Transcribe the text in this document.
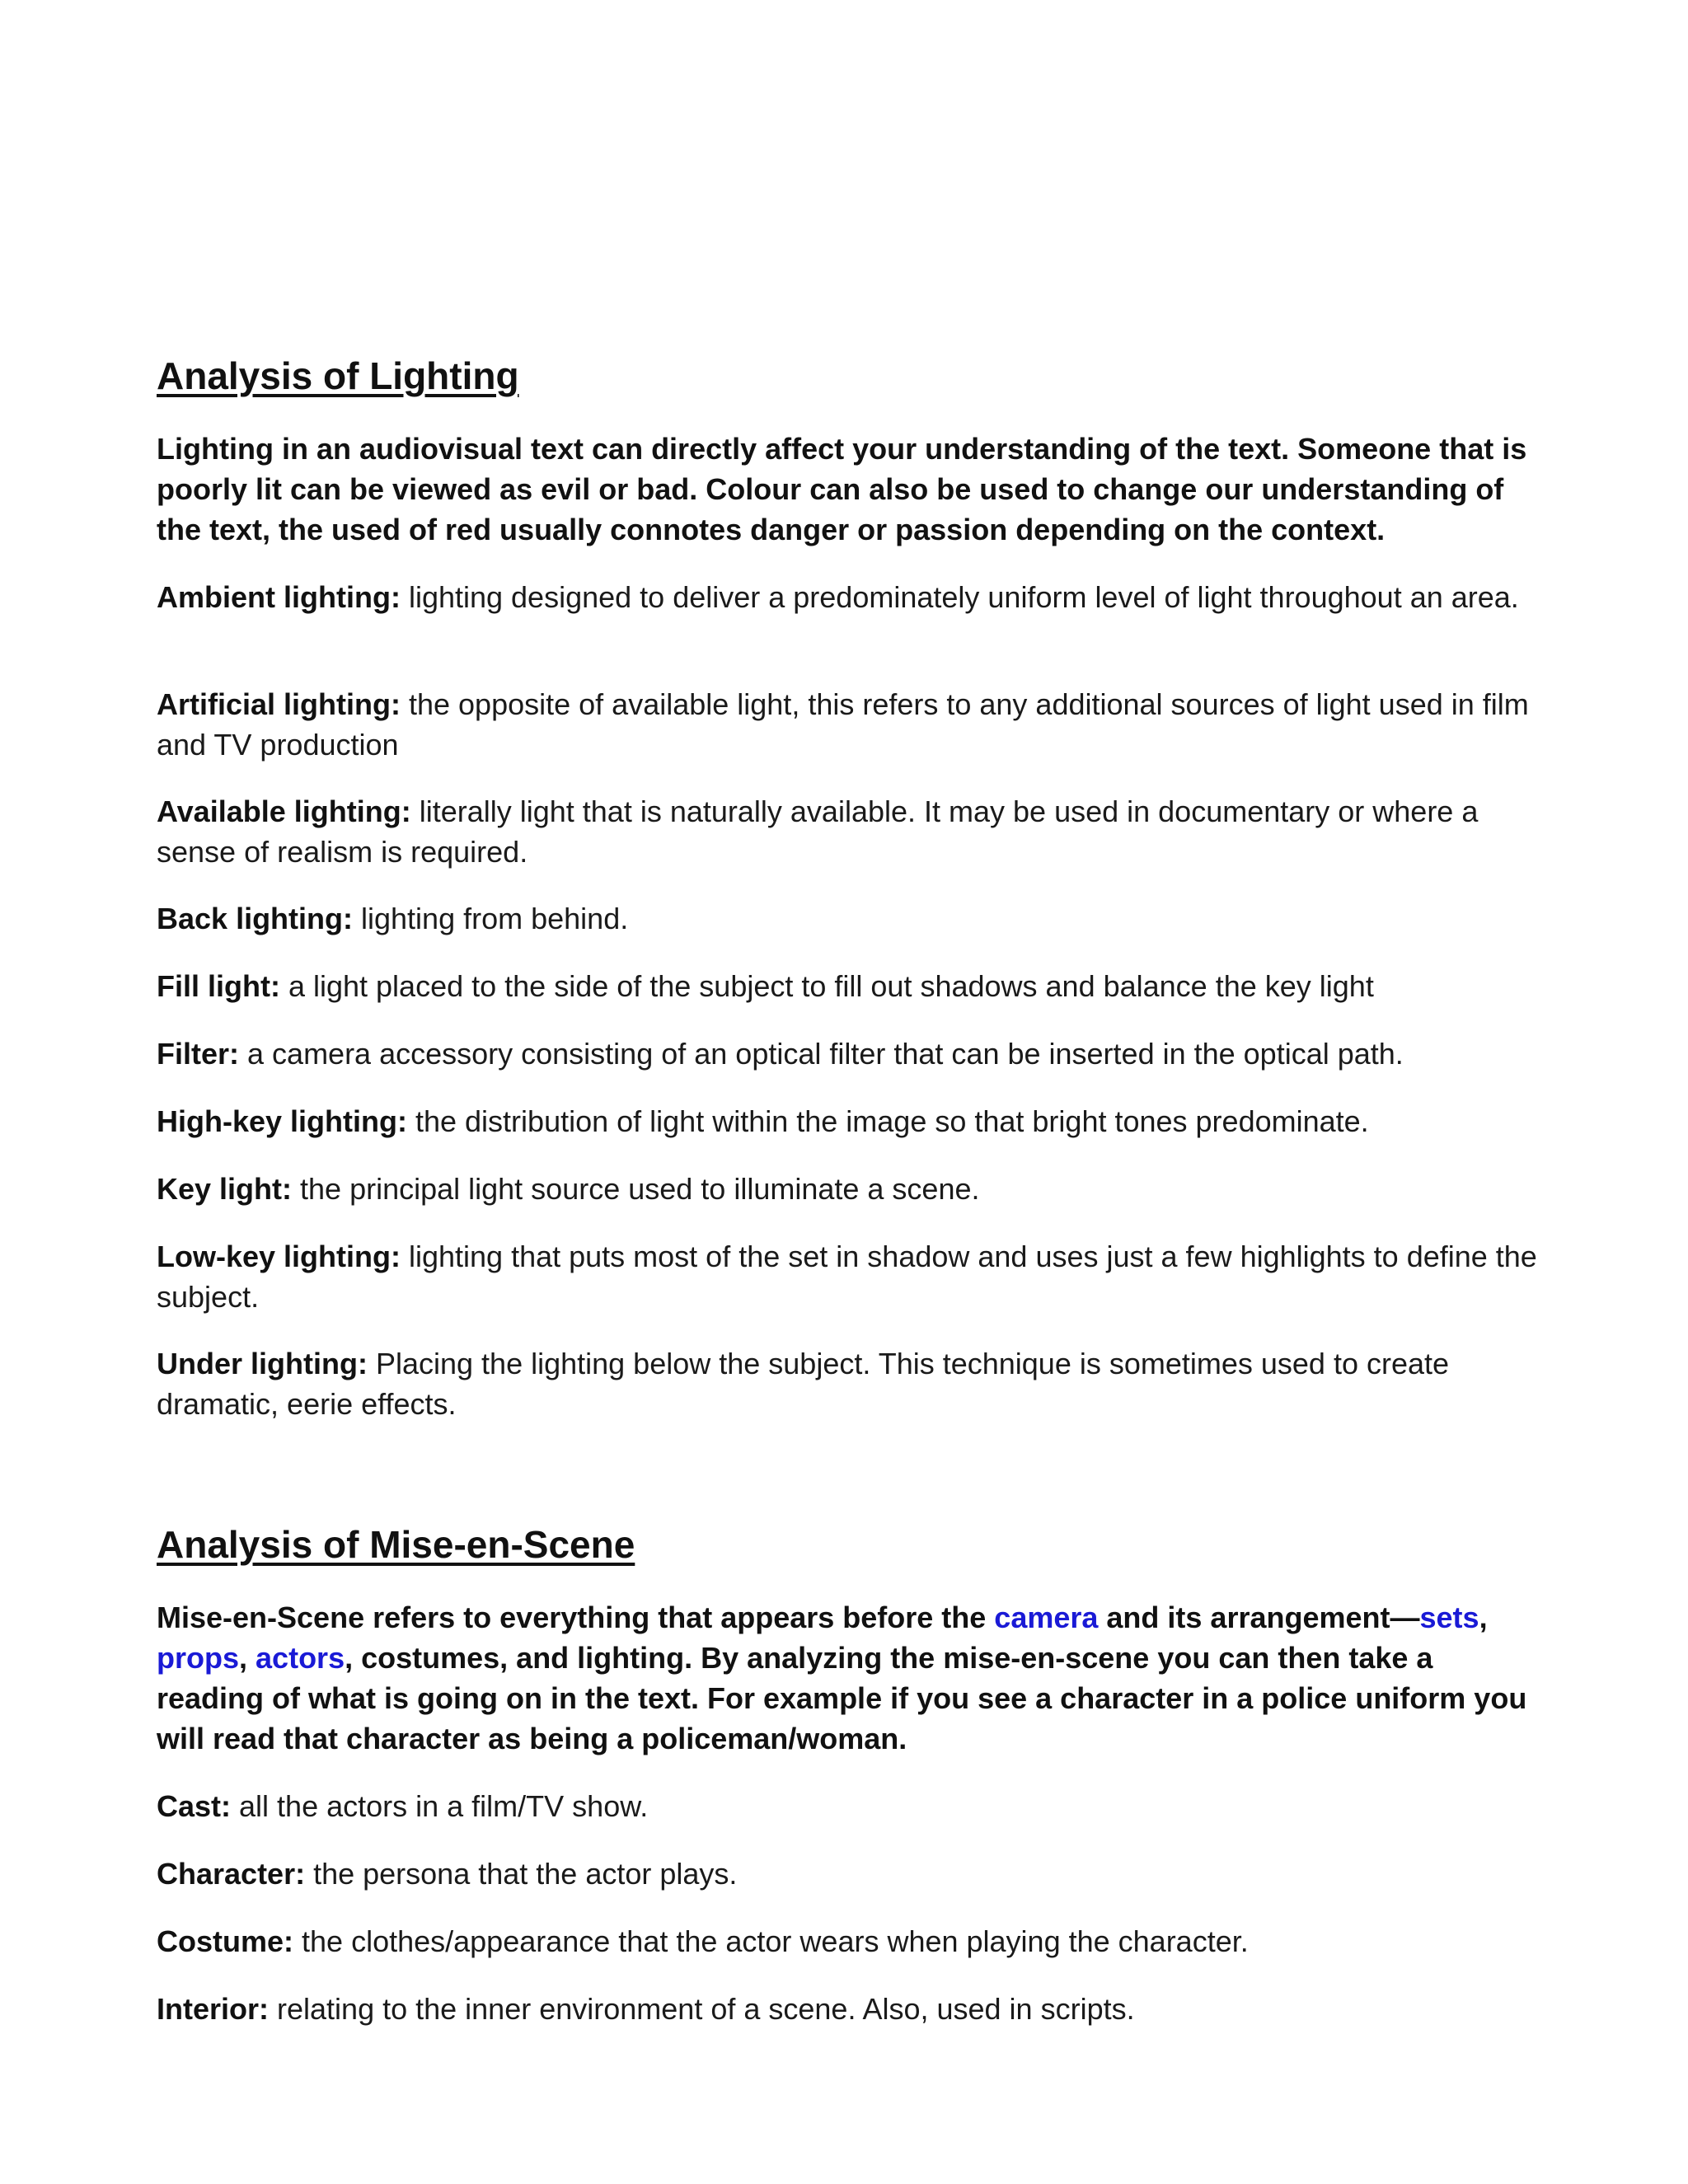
Analysis of Lighting

Lighting in an audiovisual text can directly affect your understanding of the text. Someone that is poorly lit can be viewed as evil or bad. Colour can also be used to change our understanding of the text, the used of red usually connotes danger or passion depending on the context.

Ambient lighting: lighting designed to deliver a predominately uniform level of light throughout an area.

Artificial lighting: the opposite of available light, this refers to any additional sources of light used in film and TV production

Available lighting: literally light that is naturally available. It may be used in documentary or where a sense of realism is required.

Back lighting: lighting from behind.

Fill light: a light placed to the side of the subject to fill out shadows and balance the key light

Filter: a camera accessory consisting of an optical filter that can be inserted in the optical path.

High-key lighting: the distribution of light within the image so that bright tones predominate.

Key light: the principal light source used to illuminate a scene.

Low-key lighting: lighting that puts most of the set in shadow and uses just a few highlights to define the subject.

Under lighting: Placing the lighting below the subject. This technique is sometimes used to create dramatic, eerie effects.

Analysis of Mise-en-Scene

Mise-en-Scene refers to everything that appears before the camera and its arrangement—sets, props, actors, costumes, and lighting. By analyzing the mise-en-scene you can then take a reading of what is going on in the text. For example if you see a character in a police uniform you will read that character as being a policeman/woman.

Cast: all the actors in a film/TV show.

Character: the persona that the actor plays.

Costume: the clothes/appearance that the actor wears when playing the character.

Interior: relating to the inner environment of a scene. Also, used in scripts.
